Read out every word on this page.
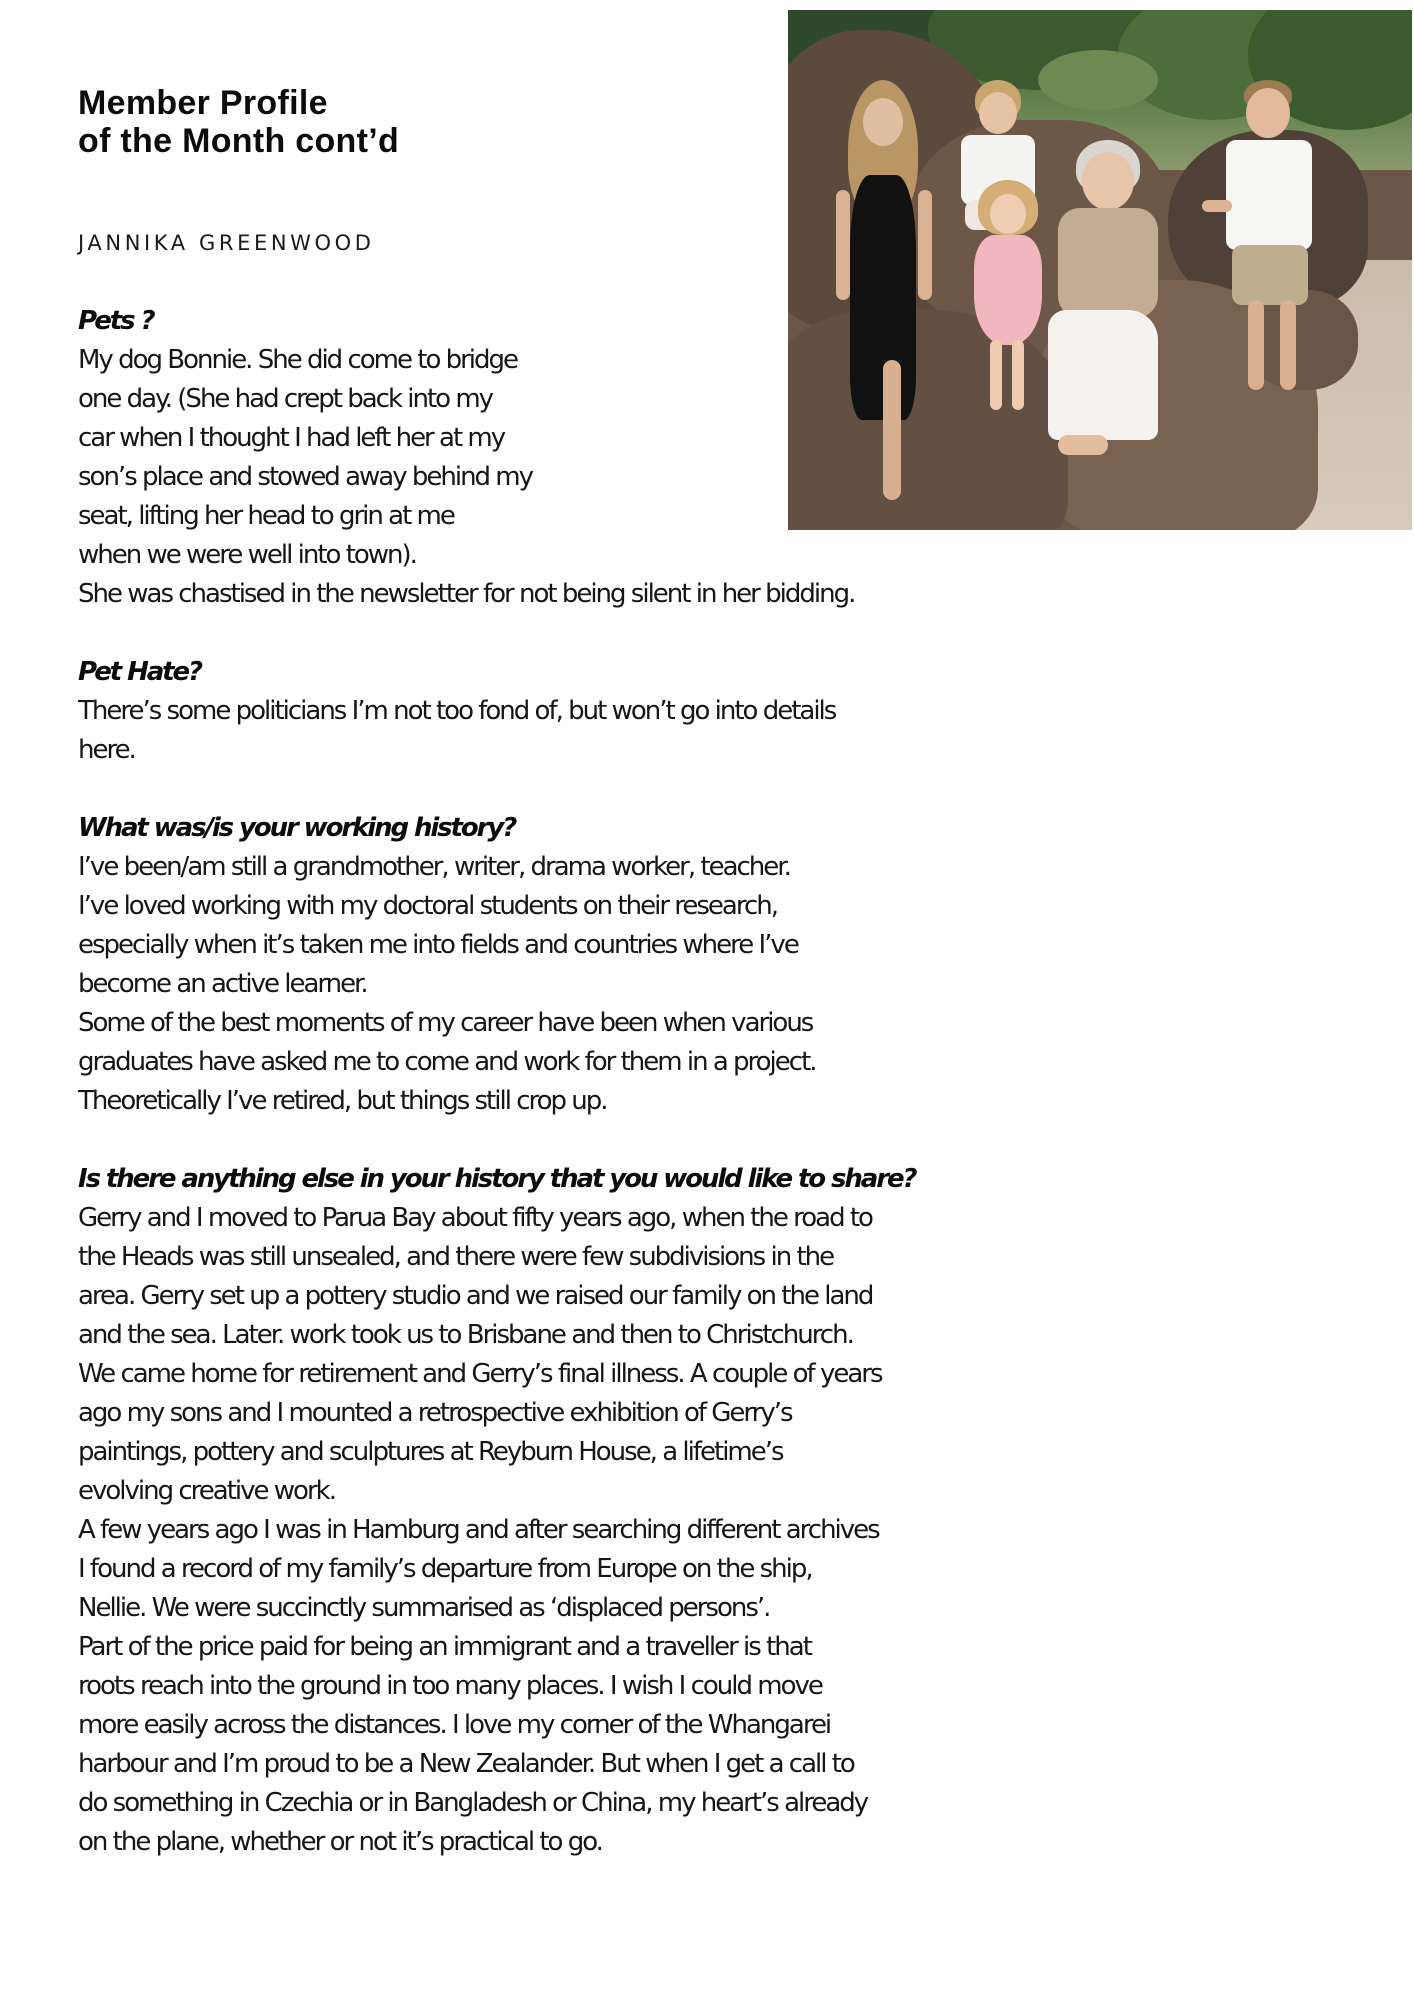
Member Profile
of the Month cont’d
JANNIKA GREENWOOD
Pets ?
My dog Bonnie. She did come to bridge
one day. (She had crept back into my
car when I thought I had left her at my
son’s place and stowed away behind my
seat, lifting her head to grin at me
when we were well into town).
She was chastised in the newsletter for not being silent in her bidding.
Pet Hate?
There’s some politicians I’m not too fond of, but won’t go into details
here.
What was/is your working history?
I’ve been/am still a grandmother, writer, drama worker, teacher.
I’ve loved working with my doctoral students on their research,
especially when it’s taken me into fields and countries where I’ve
become an active learner.
Some of the best moments of my career have been when various
graduates have asked me to come and work for them in a project.
Theoretically I’ve retired, but things still crop up.
Is there anything else in your history that you would like to share?
Gerry and I moved to Parua Bay about fifty years ago, when the road to
the Heads was still unsealed, and there were few subdivisions in the
area. Gerry set up a pottery studio and we raised our family on the land
and the sea. Later. work took us to Brisbane and then to Christchurch.
We came home for retirement and Gerry’s final illness. A couple of years
ago my sons and I mounted a retrospective exhibition of Gerry’s
paintings, pottery and sculptures at Reyburn House, a lifetime’s
evolving creative work.
A few years ago I was in Hamburg and after searching different archives
I found a record of my family’s departure from Europe on the ship,
Nellie. We were succinctly summarised as ‘displaced persons’.
Part of the price paid for being an immigrant and a traveller is that
roots reach into the ground in too many places. I wish I could move
more easily across the distances. I love my corner of the Whangarei
harbour and I’m proud to be a New Zealander. But when I get a call to
do something in Czechia or in Bangladesh or China, my heart’s already
on the plane, whether or not it’s practical to go.
